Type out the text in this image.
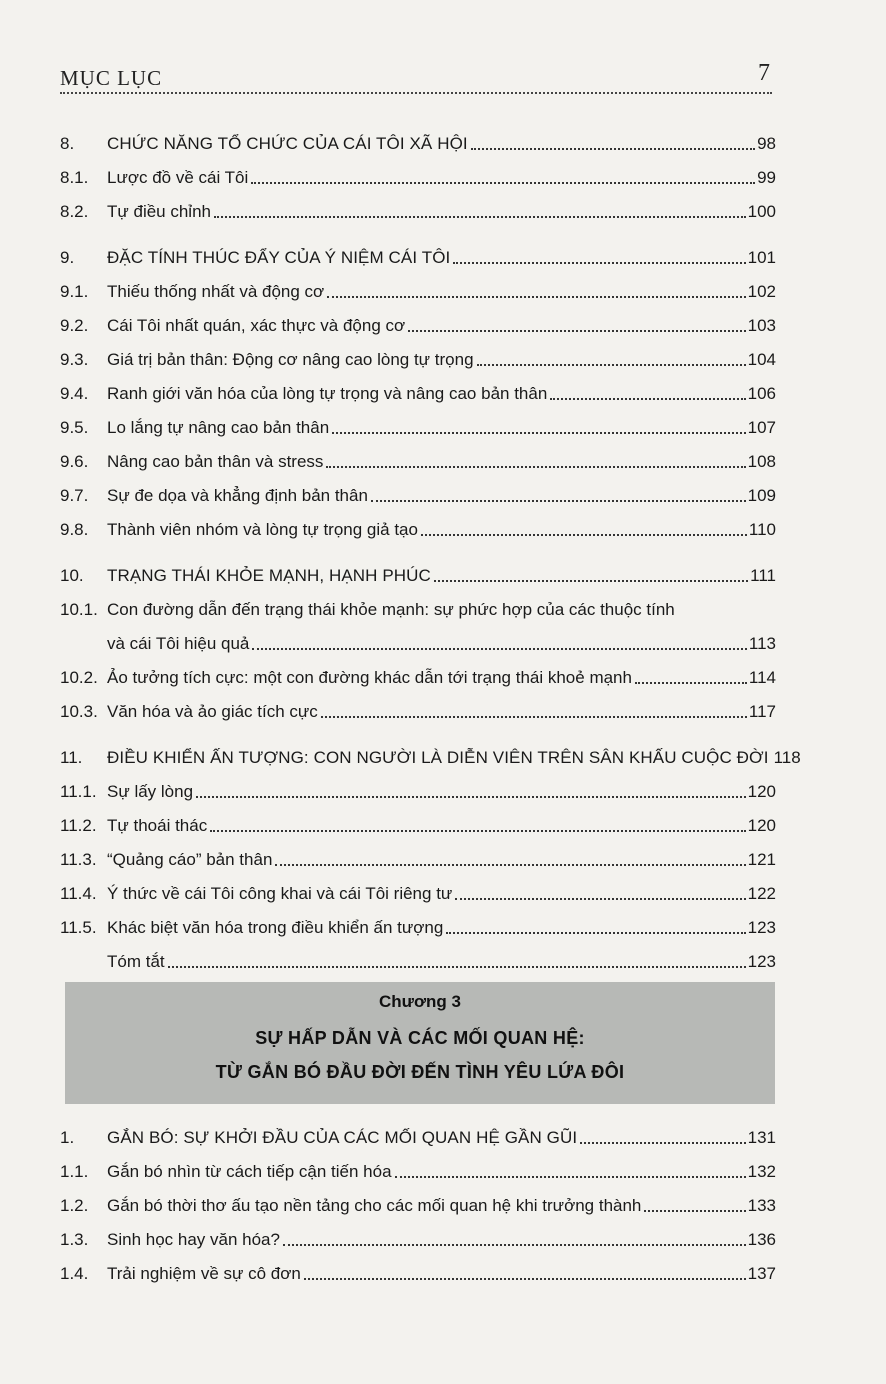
MỤC LỤC	7
8.	CHỨC NĂNG TỔ CHỨC CỦA CÁI TÔI XÃ HỘI	98
8.1.	Lược đồ về cái Tôi	99
8.2.	Tự điều chỉnh	100
9.	ĐẶC TÍNH THÚC ĐẨY CỦA Ý NIỆM CÁI TÔI	101
9.1.	Thiếu thống nhất và động cơ	102
9.2.	Cái Tôi nhất quán, xác thực và động cơ	103
9.3.	Giá trị bản thân: Động cơ nâng cao lòng tự trọng	104
9.4.	Ranh giới văn hóa của lòng tự trọng và nâng cao bản thân	106
9.5.	Lo lắng tự nâng cao bản thân	107
9.6.	Nâng cao bản thân và stress	108
9.7.	Sự đe dọa và khẳng định bản thân	109
9.8.	Thành viên nhóm và lòng tự trọng giả tạo	110
10.	TRẠNG THÁI KHỎE MẠNH, HẠNH PHÚC	111
10.1. Con đường dẫn đến trạng thái khỏe mạnh: sự phức hợp của các thuộc tính
và cái Tôi hiệu quả	113
10.2. Ảo tưởng tích cực: một con đường khác dẫn tới trạng thái khoẻ mạnh	114
10.3. Văn hóa và ảo giác tích cực	117
11.	ĐIỀU KHIỂN ẤN TƯỢNG: CON NGƯỜI LÀ DIỄN VIÊN TRÊN SÂN KHẤU CUỘC ĐỜI 118
11.1. Sự lấy lòng	120
11.2. Tự thoái thác	120
11.3. “Quảng cáo” bản thân	121
11.4. Ý thức về cái Tôi công khai và cái Tôi riêng tư	122
11.5. Khác biệt văn hóa trong điều khiển ấn tượng	123
Tóm tắt	123
Chương 3
SỰ HẤP DẪN VÀ CÁC MỐI QUAN HỆ:
TỪ GẮN BÓ ĐẦU ĐỜI ĐẾN TÌNH YÊU LỨA ĐÔI
1.	GẮN BÓ: SỰ KHỞI ĐẦU CỦA CÁC MỐI QUAN HỆ GẦN GŨI	131
1.1.	Gắn bó nhìn từ cách tiếp cận tiến hóa	132
1.2.	Gắn bó thời thơ ấu tạo nền tảng cho các mối quan hệ khi trưởng thành	133
1.3.	Sinh học hay văn hóa?	136
1.4.	Trải nghiệm về sự cô đơn	137
